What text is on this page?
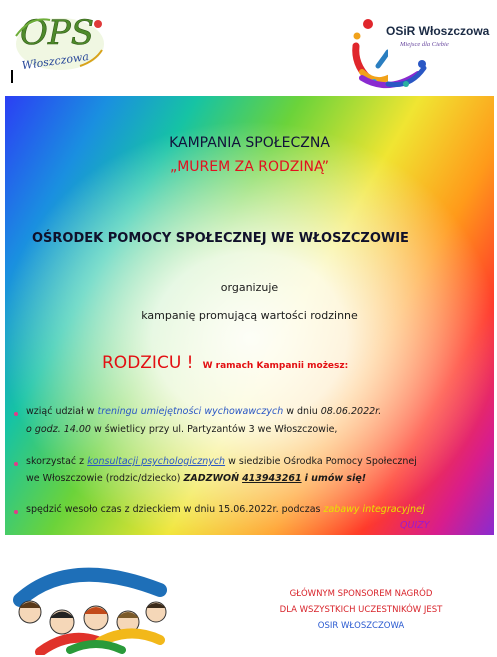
OPS
Włoszczowa
OSiR Włoszczowa
Miejsce dla Ciebie
KAMPANIA SPOŁECZNA
„MUREM ZA RODZINĄ”
OŚRODEK POMOCY SPOŁECZNEJ WE WŁOSZCZOWIE
organizuje
kampanię promującą wartości rodzinne
RODZICU ! W ramach Kampanii możesz:
wziąć udział w treningu umiejętności wychowawczych w dniu 08.06.2022r.
o godz. 14.00 w świetlicy przy ul. Partyzantów 3 we Włoszczowie,
skorzystać z konsultacji psychologicznych w siedzibie Ośrodka Pomocy Społecznej
we Włoszczowie (rodzic/dziecko) ZADZWOŃ 413943261 i umów się!
spędzić wesoło czas z dzieckiem w dniu 15.06.2022r. podczas zabawy integracyjnej
QUIZY
GŁÓWNYM SPONSOREM NAGRÓD
DLA WSZYSTKICH UCZESTNIKÓW JEST
OSIR WŁOSZCZOWA
